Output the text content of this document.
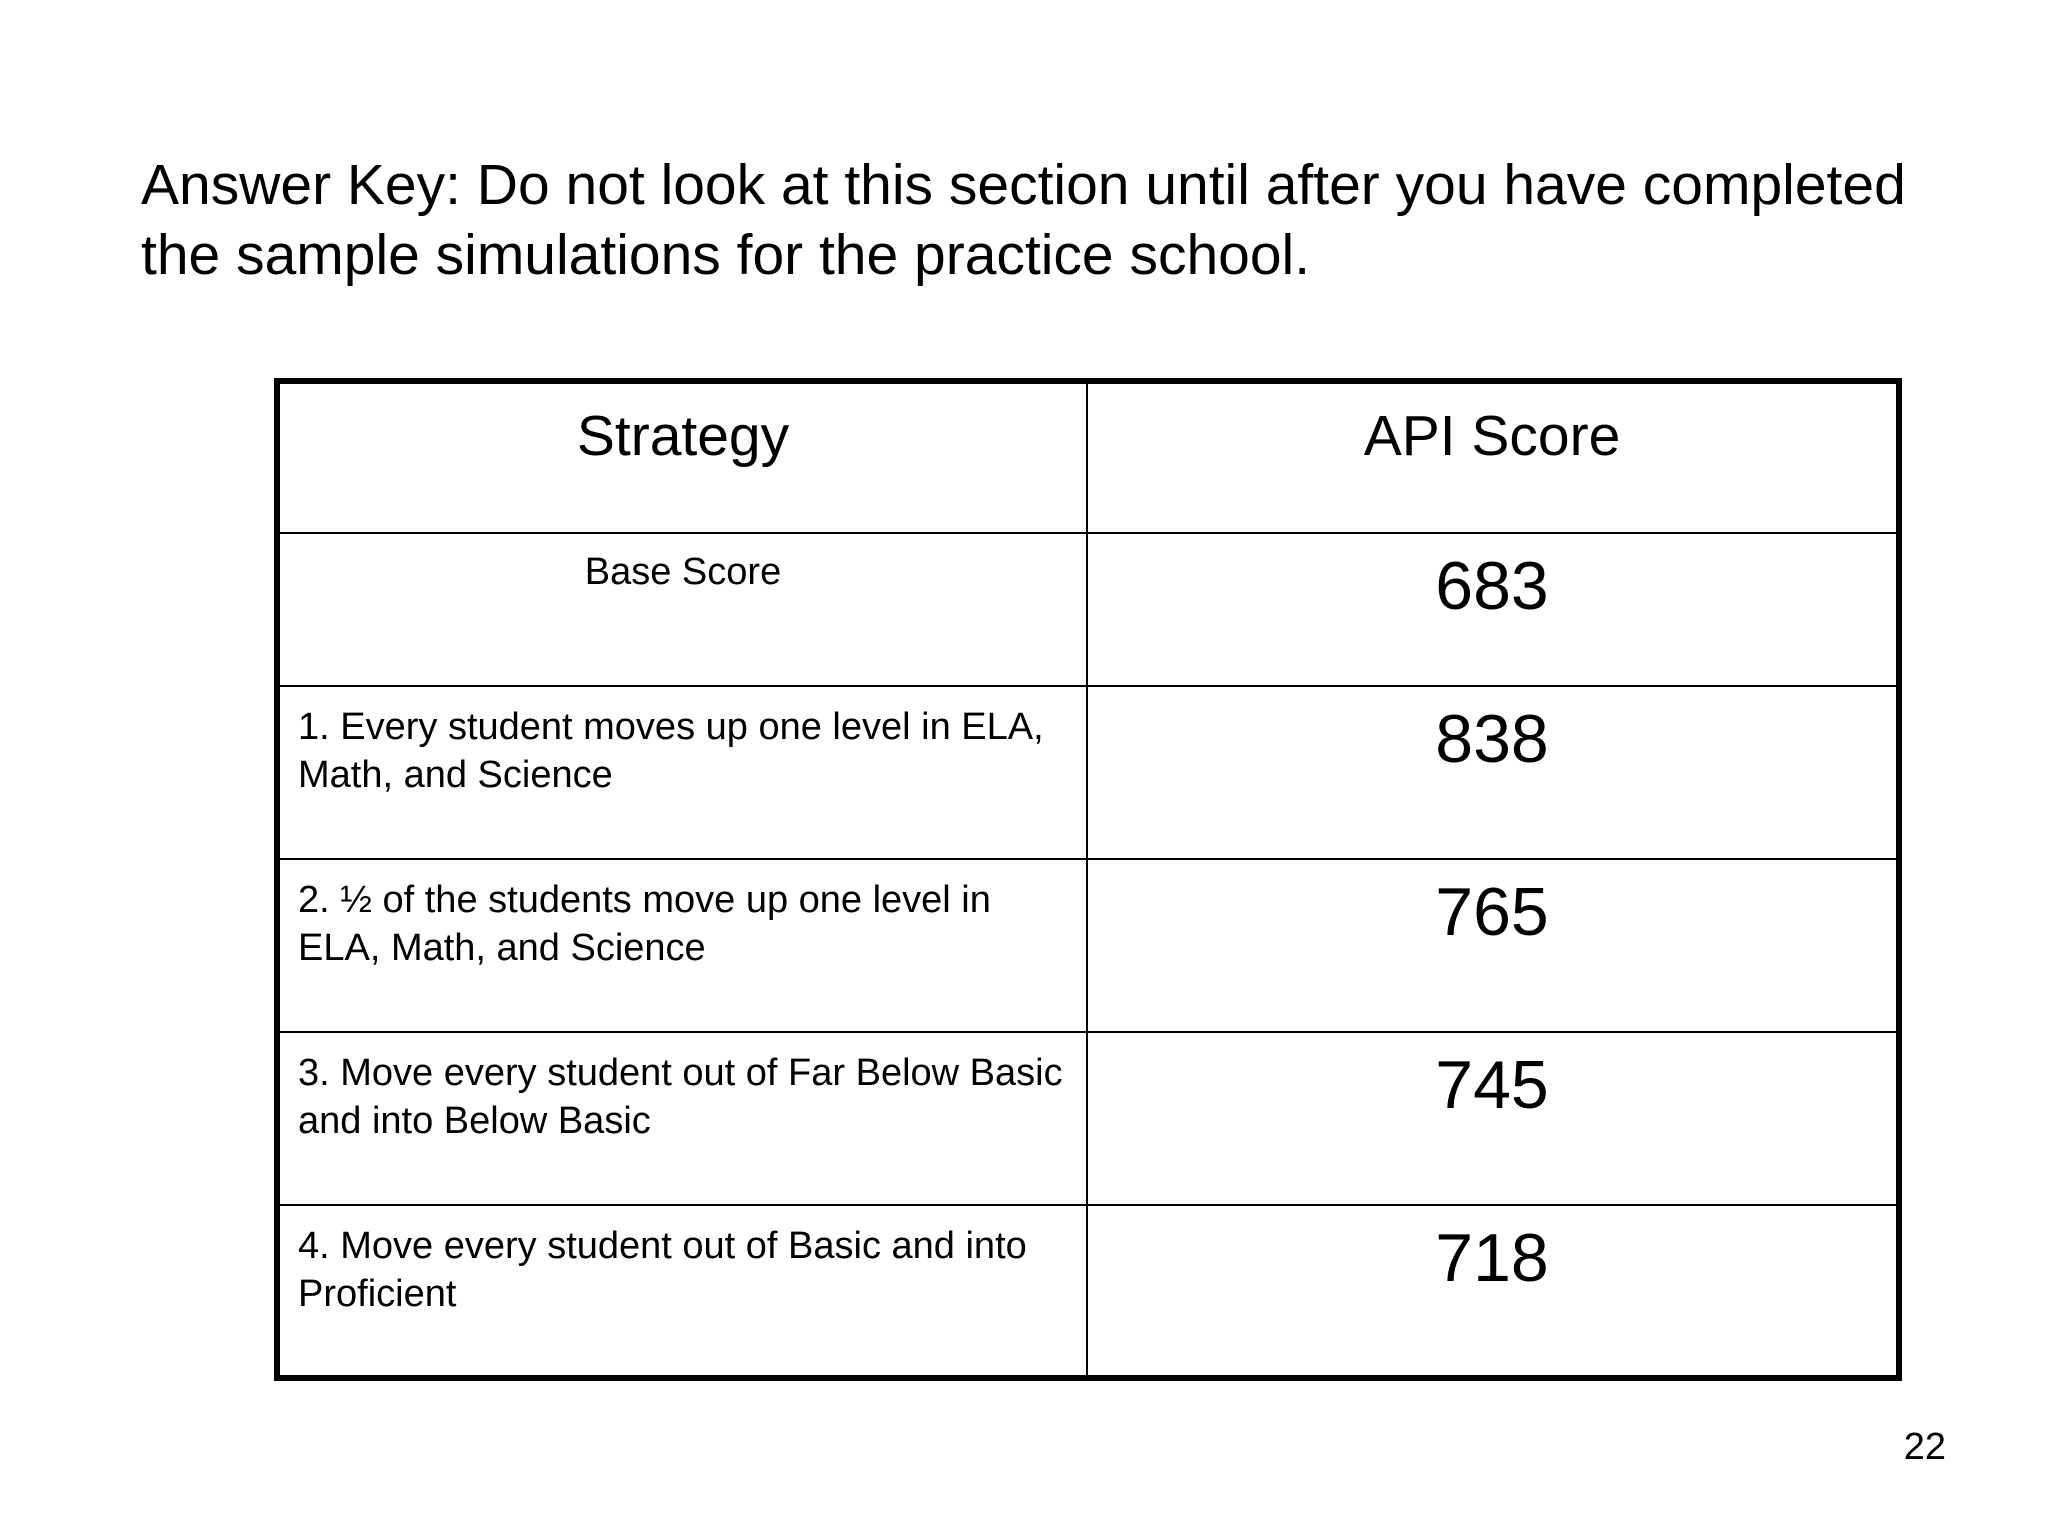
Answer Key: Do not look at this section until after you have completed
the sample simulations for the practice school.
Strategy	API Score
Base Score	683
1. Every student moves up one level in ELA, Math, and Science	838
2. ½ of the students move up one level in ELA, Math, and Science	765
3. Move every student out of Far Below Basic and into Below Basic	745
4. Move every student out of Basic and into Proficient	718
22
